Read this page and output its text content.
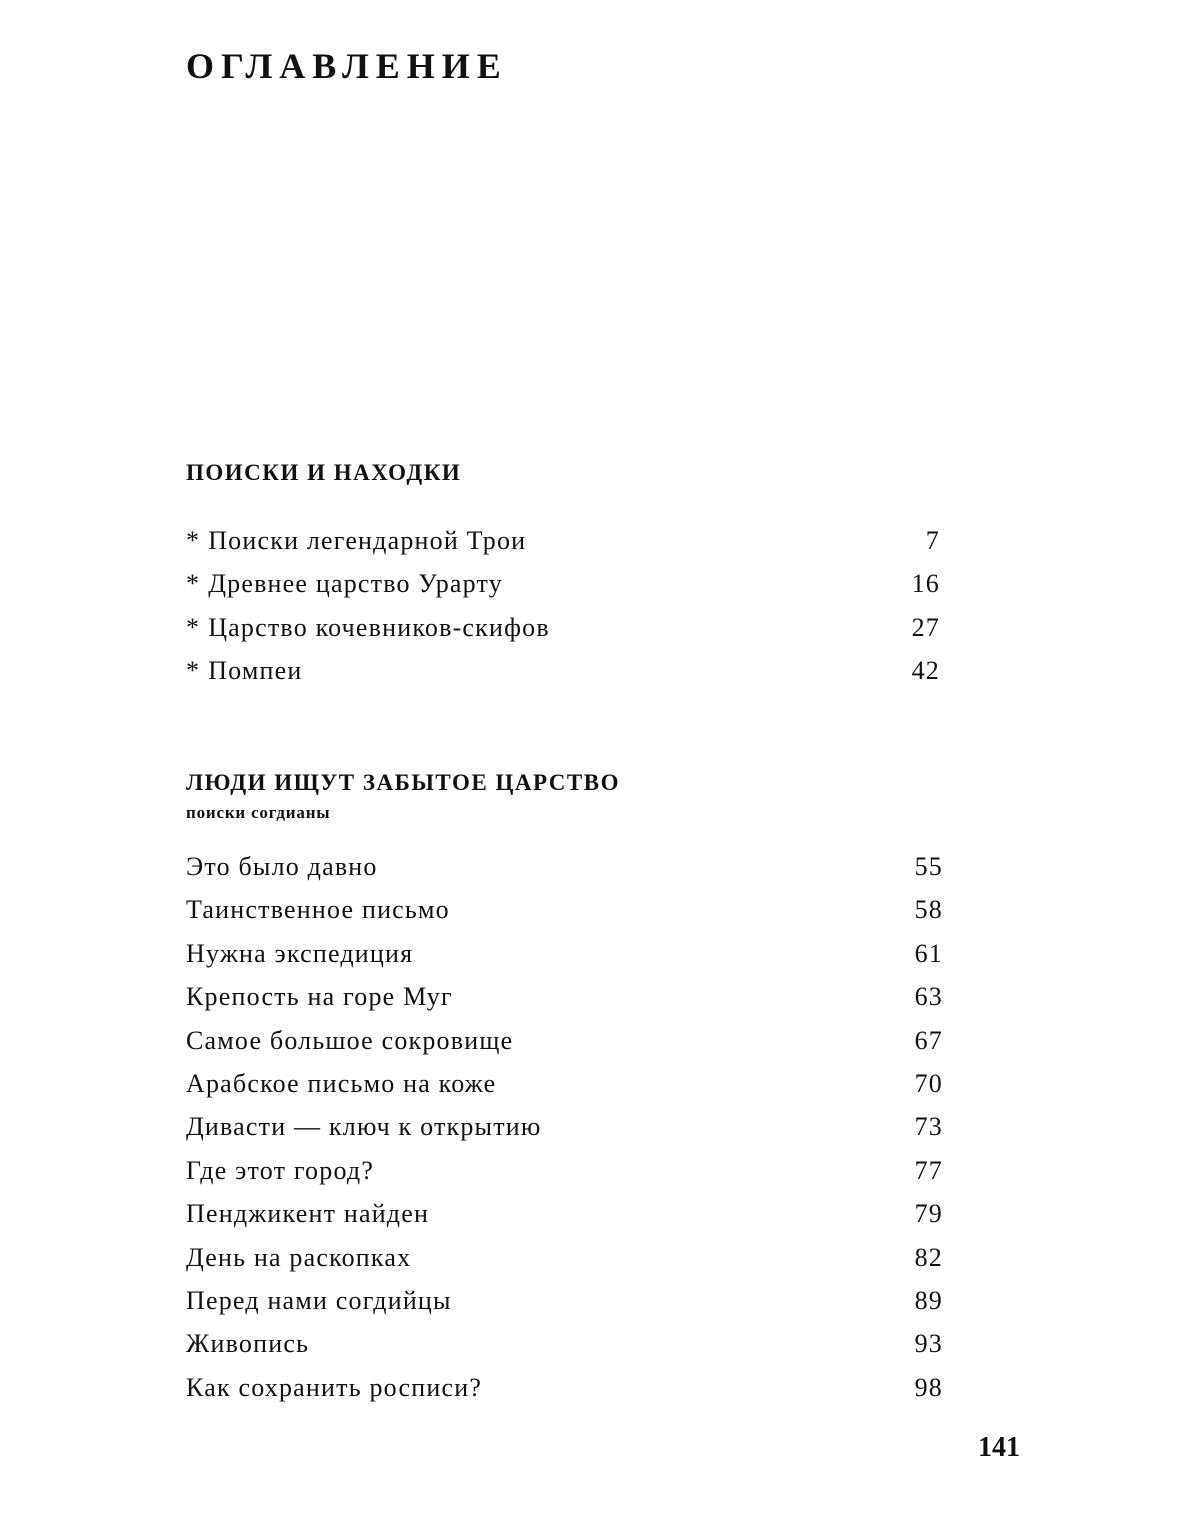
ОГЛАВЛЕНИЕ
ПОИСКИ И НАХОДКИ
* Поиски легендарной Трои	7
* Древнее царство Урарту	16
* Царство кочевников-скифов	27
* Помпеи	42
ЛЮДИ ИЩУТ ЗАБЫТОЕ ЦАРСТВО
поиски согдианы
Это было давно	55
Таинственное письмо	58
Нужна экспедиция	61
Крепость на горе Муг	63
Самое большое сокровище	67
Арабское письмо на коже	70
Дивасти — ключ к открытию	73
Где этот город?	77
Пенджикент найден	79
День на раскопках	82
Перед нами согдийцы	89
Живопись	93
Как сохранить росписи?	98
141
